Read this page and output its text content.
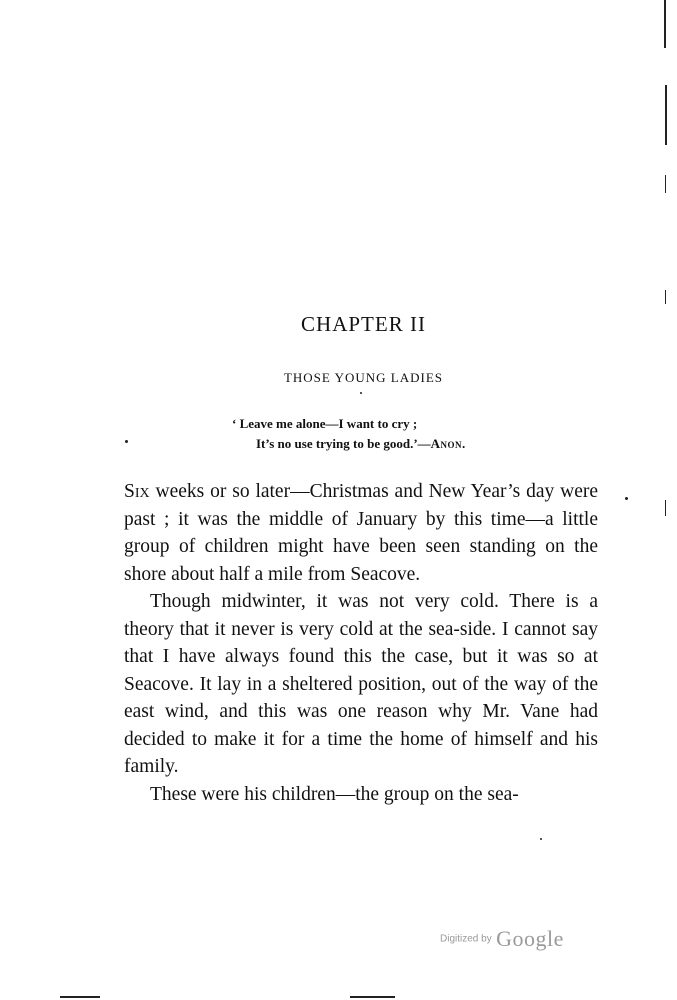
CHAPTER II
THOSE YOUNG LADIES
‘ Leave me alone—I want to cry ;
It’s no use trying to be good.’—Anon.

Six weeks or so later—Christmas and New Year’s day were past ; it was the middle of January by this time—a little group of children might have been seen standing on the shore about half a mile from Seacove.

Though midwinter, it was not very cold. There is a theory that it never is very cold at the sea-side. I cannot say that I have always found this the case, but it was so at Seacove. It lay in a sheltered position, out of the way of the east wind, and this was one reason why Mr. Vane had decided to make it for a time the home of himself and his family.

These were his children—the group on the sea-

Digitized by Google
